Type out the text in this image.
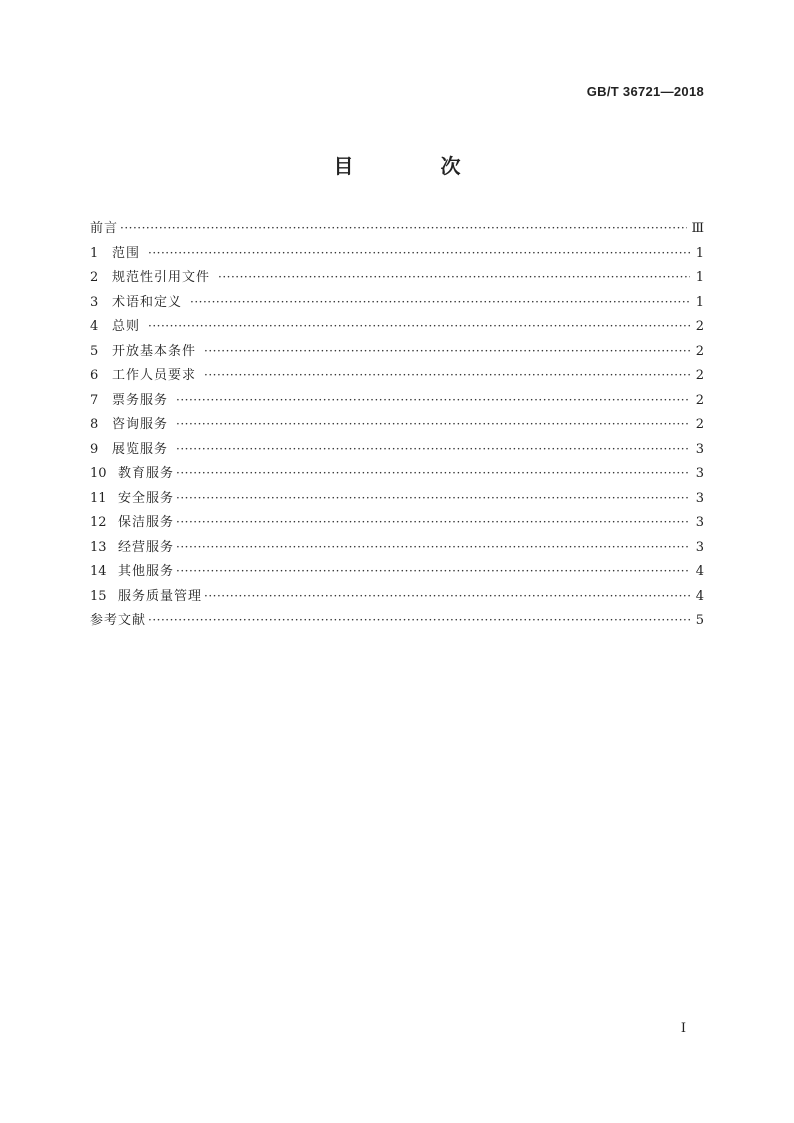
GB/T 36721—2018
目 次
前言 ·····	Ⅲ
1	范围 ·····	1
2	规范性引用文件 ·····	1
3	术语和定义 ·····	1
4	总则 ·····	2
5	开放基本条件 ·····	2
6	工作人员要求 ·····	2
7	票务服务 ·····	2
8	咨询服务 ·····	2
9	展览服务 ·····	3
10 教育服务 ·····	3
11 安全服务 ·····	3
12 保洁服务 ·····	3
13 经营服务 ·····	3
14 其他服务 ·····	4
15 服务质量管理 ·····	4
参考文献 ·····	5
Ⅰ
